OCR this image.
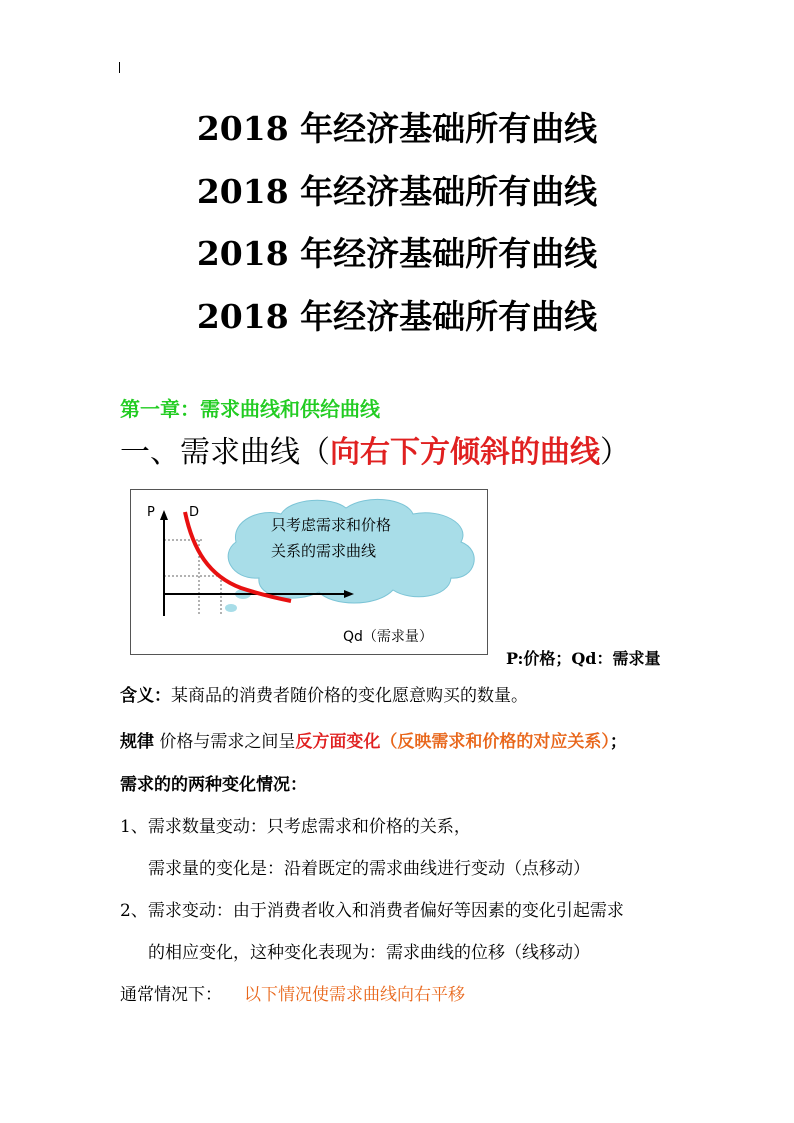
2018 年经济基础所有曲线
2018 年经济基础所有曲线
2018 年经济基础所有曲线
2018 年经济基础所有曲线
第一章：需求曲线和供给曲线
一、需求曲线（向右下方倾斜的曲线）
P	D
只考虑需求和价格
关系的需求曲线
Qd（需求量）
P:价格；Qd：需求量
含义：某商品的消费者随价格的变化愿意购买的数量。
规律 价格与需求之间呈反方面变化（反映需求和价格的对应关系）；
需求的的两种变化情况：
1、需求数量变动：只考虑需求和价格的关系，
需求量的变化是：沿着既定的需求曲线进行变动（点移动）
2、需求变动：由于消费者收入和消费者偏好等因素的变化引起需求
的相应变化，这种变化表现为：需求曲线的位移（线移动）
通常情况下： 以下情况使需求曲线向右平移
